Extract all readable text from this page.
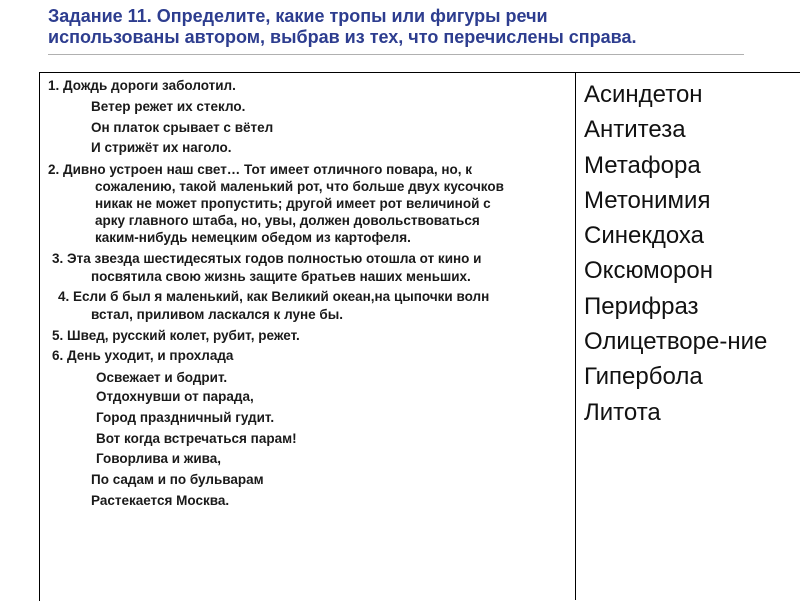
Задание 11. Определите, какие тропы или фигуры речи
использованы автором, выбрав из тех, что перечислены справа.
1. Дождь дороги заболотил.
Ветер режет их стекло.
Он платок срывает с вётел
И стрижёт их наголо.
2. Дивно устроен наш свет… Тот имеет отличного повара, но, к
сожалению, такой маленький рот, что больше двух кусочков
никак не может пропустить; другой имеет рот величиной с
арку главного штаба, но, увы, должен довольствоваться
каким-нибудь немецким обедом из картофеля.
3. Эта звезда шестидесятых годов полностью отошла от кино и
посвятила свою жизнь защите братьев наших меньших.
4. Если б был я маленький, как Великий океан,на цыпочки волн
встал, приливом ласкался к луне бы.
5. Швед, русский колет, рубит, режет.
6. День уходит, и прохлада
Освежает и бодрит.
Отдохнувши от парада,
Город праздничный гудит.
Вот когда встречаться парам!
Говорлива и жива,
По садам и по бульварам
Растекается Москва.
Асиндетон
Антитеза
Метафора
Метонимия
Синекдоха
Оксюморон
Перифраз
Олицетворе-ние
Гипербола
Литота
